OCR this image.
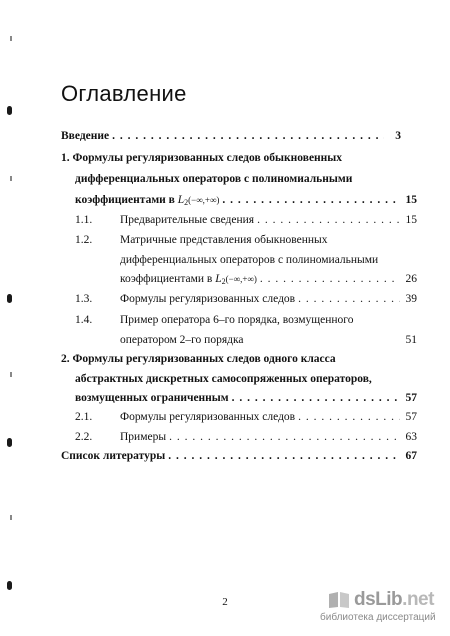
Оглавление
Введение . . .	3
1. Формулы регуляризованных следов обыкновенных
дифференциальных операторов с полиномиальными
коэффициентами в L2(−∞,+∞) . . .	15
1.1. Предварительные сведения . . .	15
1.2. Матричные представления обыкновенных
дифференциальных операторов с полиномиальными
коэффициентами в L2(−∞,+∞) . . .	26
1.3. Формулы регуляризованных следов . . .	39
1.4. Пример оператора 6–го порядка, возмущенного
оператором 2–го порядка	51
2. Формулы регуляризованных следов одного класса
абстрактных дискретных самосопряженных операторов,
возмущенных ограниченным . . .	57
2.1. Формулы регуляризованных следов . . .	57
2.2. Примеры . . .	63
Список литературы . . .	67
2	dsLib.net
библиотека диссертаций
